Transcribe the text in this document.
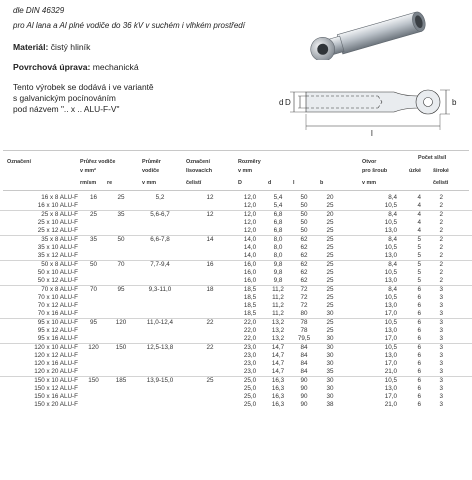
dle DIN 46329
pro Al lana a Al plné vodiče do 36 kV v suchém i vlhkém prostředí
Materiál: čistý hliník
Povrchová úprava: mechanická
Tento výrobek se dodává i ve variantě
s galvanickým pocínováním
pod názvem ".. x .. ALU-F-V"
d D	b
l
Označení	Průřez vodiče
v mm²
rm/sm re
Průměr
vodiče
v mm
Označení
lisovacích
čelistí
Rozměry
v mm
D	d	l	b
Otvor
pro šroub
v mm
Počet sl/síl
úzké široké
čelisti
16 x 8 ALU-F	16	25	5,2	12	12,0	5,4	50	20	8,4	4	2	
16 x 10 ALU-F					12,0	5,4	50	25	10,5	4	2	
25 x 8 ALU-F	25	35	5,6-6,7	12	12,0	6,8	50	20	8,4	4	2	
25 x 10 ALU-F					12,0	6,8	50	25	10,5	4	2	
25 x 12 ALU-F					12,0	6,8	50	25	13,0	4	2	
35 x 8 ALU-F	35	50	6,6-7,8	14	14,0	8,0	62	25	8,4	5	2	
35 x 10 ALU-F					14,0	8,0	62	25	10,5	5	2	
35 x 12 ALU-F					14,0	8,0	62	25	13,0	5	2	
50 x 8 ALU-F	50	70	7,7-9,4	16	16,0	9,8	62	25	8,4	5	2	
50 x 10 ALU-F					16,0	9,8	62	25	10,5	5	2	
50 x 12 ALU-F					16,0	9,8	62	25	13,0	5	2	
70 x 8 ALU-F	70	95	9,3-11,0	18	18,5	11,2	72	25	8,4	6	3	
70 x 10 ALU-F					18,5	11,2	72	25	10,5	6	3	
70 x 12 ALU-F					18,5	11,2	72	25	13,0	6	3	
70 x 16 ALU-F					18,5	11,2	80	30	17,0	6	3	
95 x 10 ALU-F	95	120	11,0-12,4	22	22,0	13,2	78	25	10,5	6	3	
95 x 12 ALU-F					22,0	13,2	78	25	13,0	6	3	
95 x 16 ALU-F					22,0	13,2	79,5	30	17,0	6	3	
120 x 10 ALU-F	120	150	12,5-13,8	22	23,0	14,7	84	30	10,5	6	3	
120 x 12 ALU-F					23,0	14,7	84	30	13,0	6	3	
120 x 16 ALU-F					23,0	14,7	84	30	17,0	6	3	
120 x 20 ALU-F					23,0	14,7	84	35	21,0	6	3	
150 x 10 ALU-F	150	185	13,9-15,0	25	25,0	16,3	90	30	10,5	6	3	
150 x 12 ALU-F					25,0	16,3	90	30	13,0	6	3	
150 x 16 ALU-F					25,0	16,3	90	30	17,0	6	3	
150 x 20 ALU-F					25,0	16,3	90	38	21,0	6	3	
